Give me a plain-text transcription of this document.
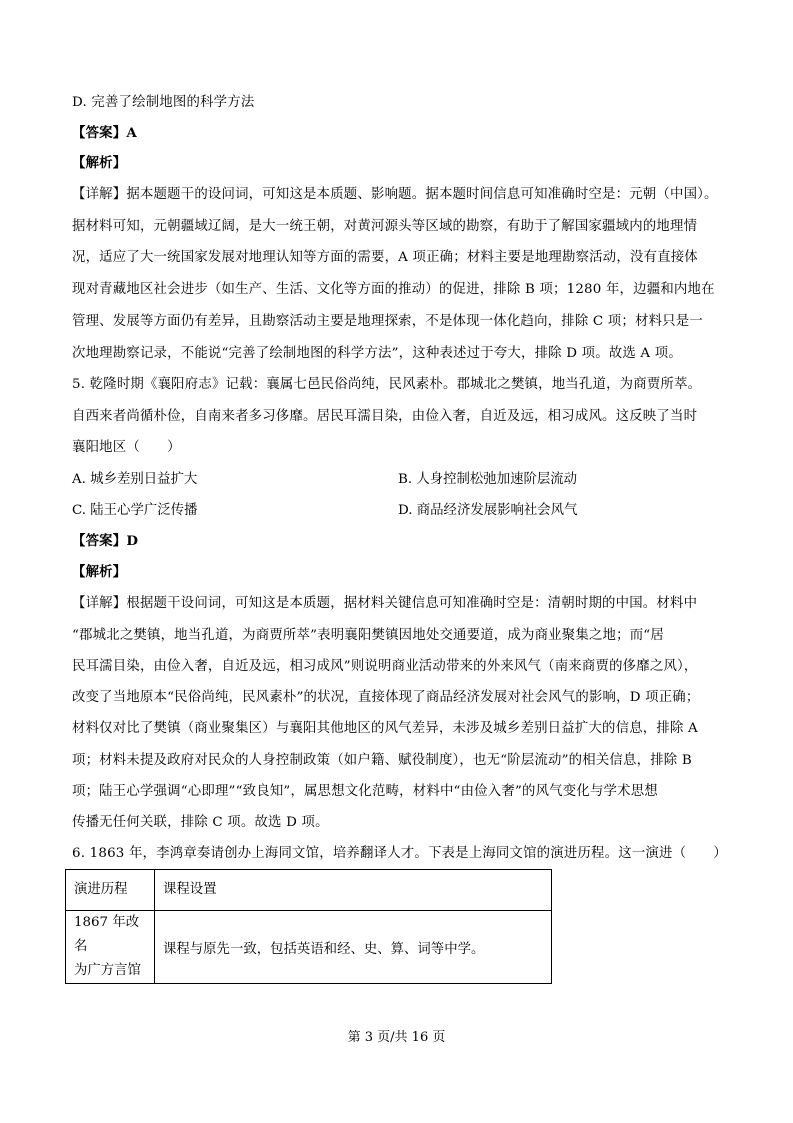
D. 完善了绘制地图的科学方法
【答案】A
【解析】
【详解】据本题题干的设问词，可知这是本质题、影响题。据本题时间信息可知准确时空是：元朝（中国）。
据材料可知，元朝疆域辽阔，是大一统王朝，对黄河源头等区域的勘察，有助于了解国家疆域内的地理情
况，适应了大一统国家发展对地理认知等方面的需要，A 项正确；材料主要是地理勘察活动，没有直接体
现对青藏地区社会进步（如生产、生活、文化等方面的推动）的促进，排除 B 项；1280 年，边疆和内地在
管理、发展等方面仍有差异，且勘察活动主要是地理探索，不是体现一体化趋向，排除 C 项；材料只是一
次地理勘察记录，不能说“完善了绘制地图的科学方法”，这种表述过于夸大，排除 D 项。故选 A 项。
5. 乾隆时期《襄阳府志》记载：襄属七邑民俗尚纯，民风素朴。郡城北之樊镇，地当孔道，为商贾所萃。
自西来者尚循朴俭，自南来者多习侈靡。居民耳濡目染，由俭入奢，自近及远，相习成风。这反映了当时
襄阳地区（　　）
A. 城乡差别日益扩大	B. 人身控制松弛加速阶层流动
C. 陆王心学广泛传播	D. 商品经济发展影响社会风气
【答案】D
【解析】
【详解】根据题干设问词，可知这是本质题，据材料关键信息可知准确时空是：清朝时期的中国。材料中
“郡城北之樊镇，地当孔道，为商贾所萃”表明襄阳樊镇因地处交通要道，成为商业聚集之地；而“居
民耳濡目染，由俭入奢，自近及远，相习成风”则说明商业活动带来的外来风气（南来商贾的侈靡之风），
改变了当地原本“民俗尚纯，民风素朴”的状况，直接体现了商品经济发展对社会风气的影响，D 项正确；
材料仅对比了樊镇（商业聚集区）与襄阳其他地区的风气差异，未涉及城乡差别日益扩大的信息，排除 A
项；材料未提及政府对民众的人身控制政策（如户籍、赋役制度），也无“阶层流动”的相关信息，排除 B
项；陆王心学强调“心即理”“致良知”，属思想文化范畴，材料中“由俭入奢”的风气变化与学术思想
传播无任何关联，排除 C 项。故选 D 项。
6. 1863 年，李鸿章奏请创办上海同文馆，培养翻译人才。下表是上海同文馆的演进历程。这一演进（　　）
演进历程	课程设置

1867 年改名
为广方言馆	课程与原先一致，包括英语和经、史、算、词等中学。
第 3 页/共 16 页
